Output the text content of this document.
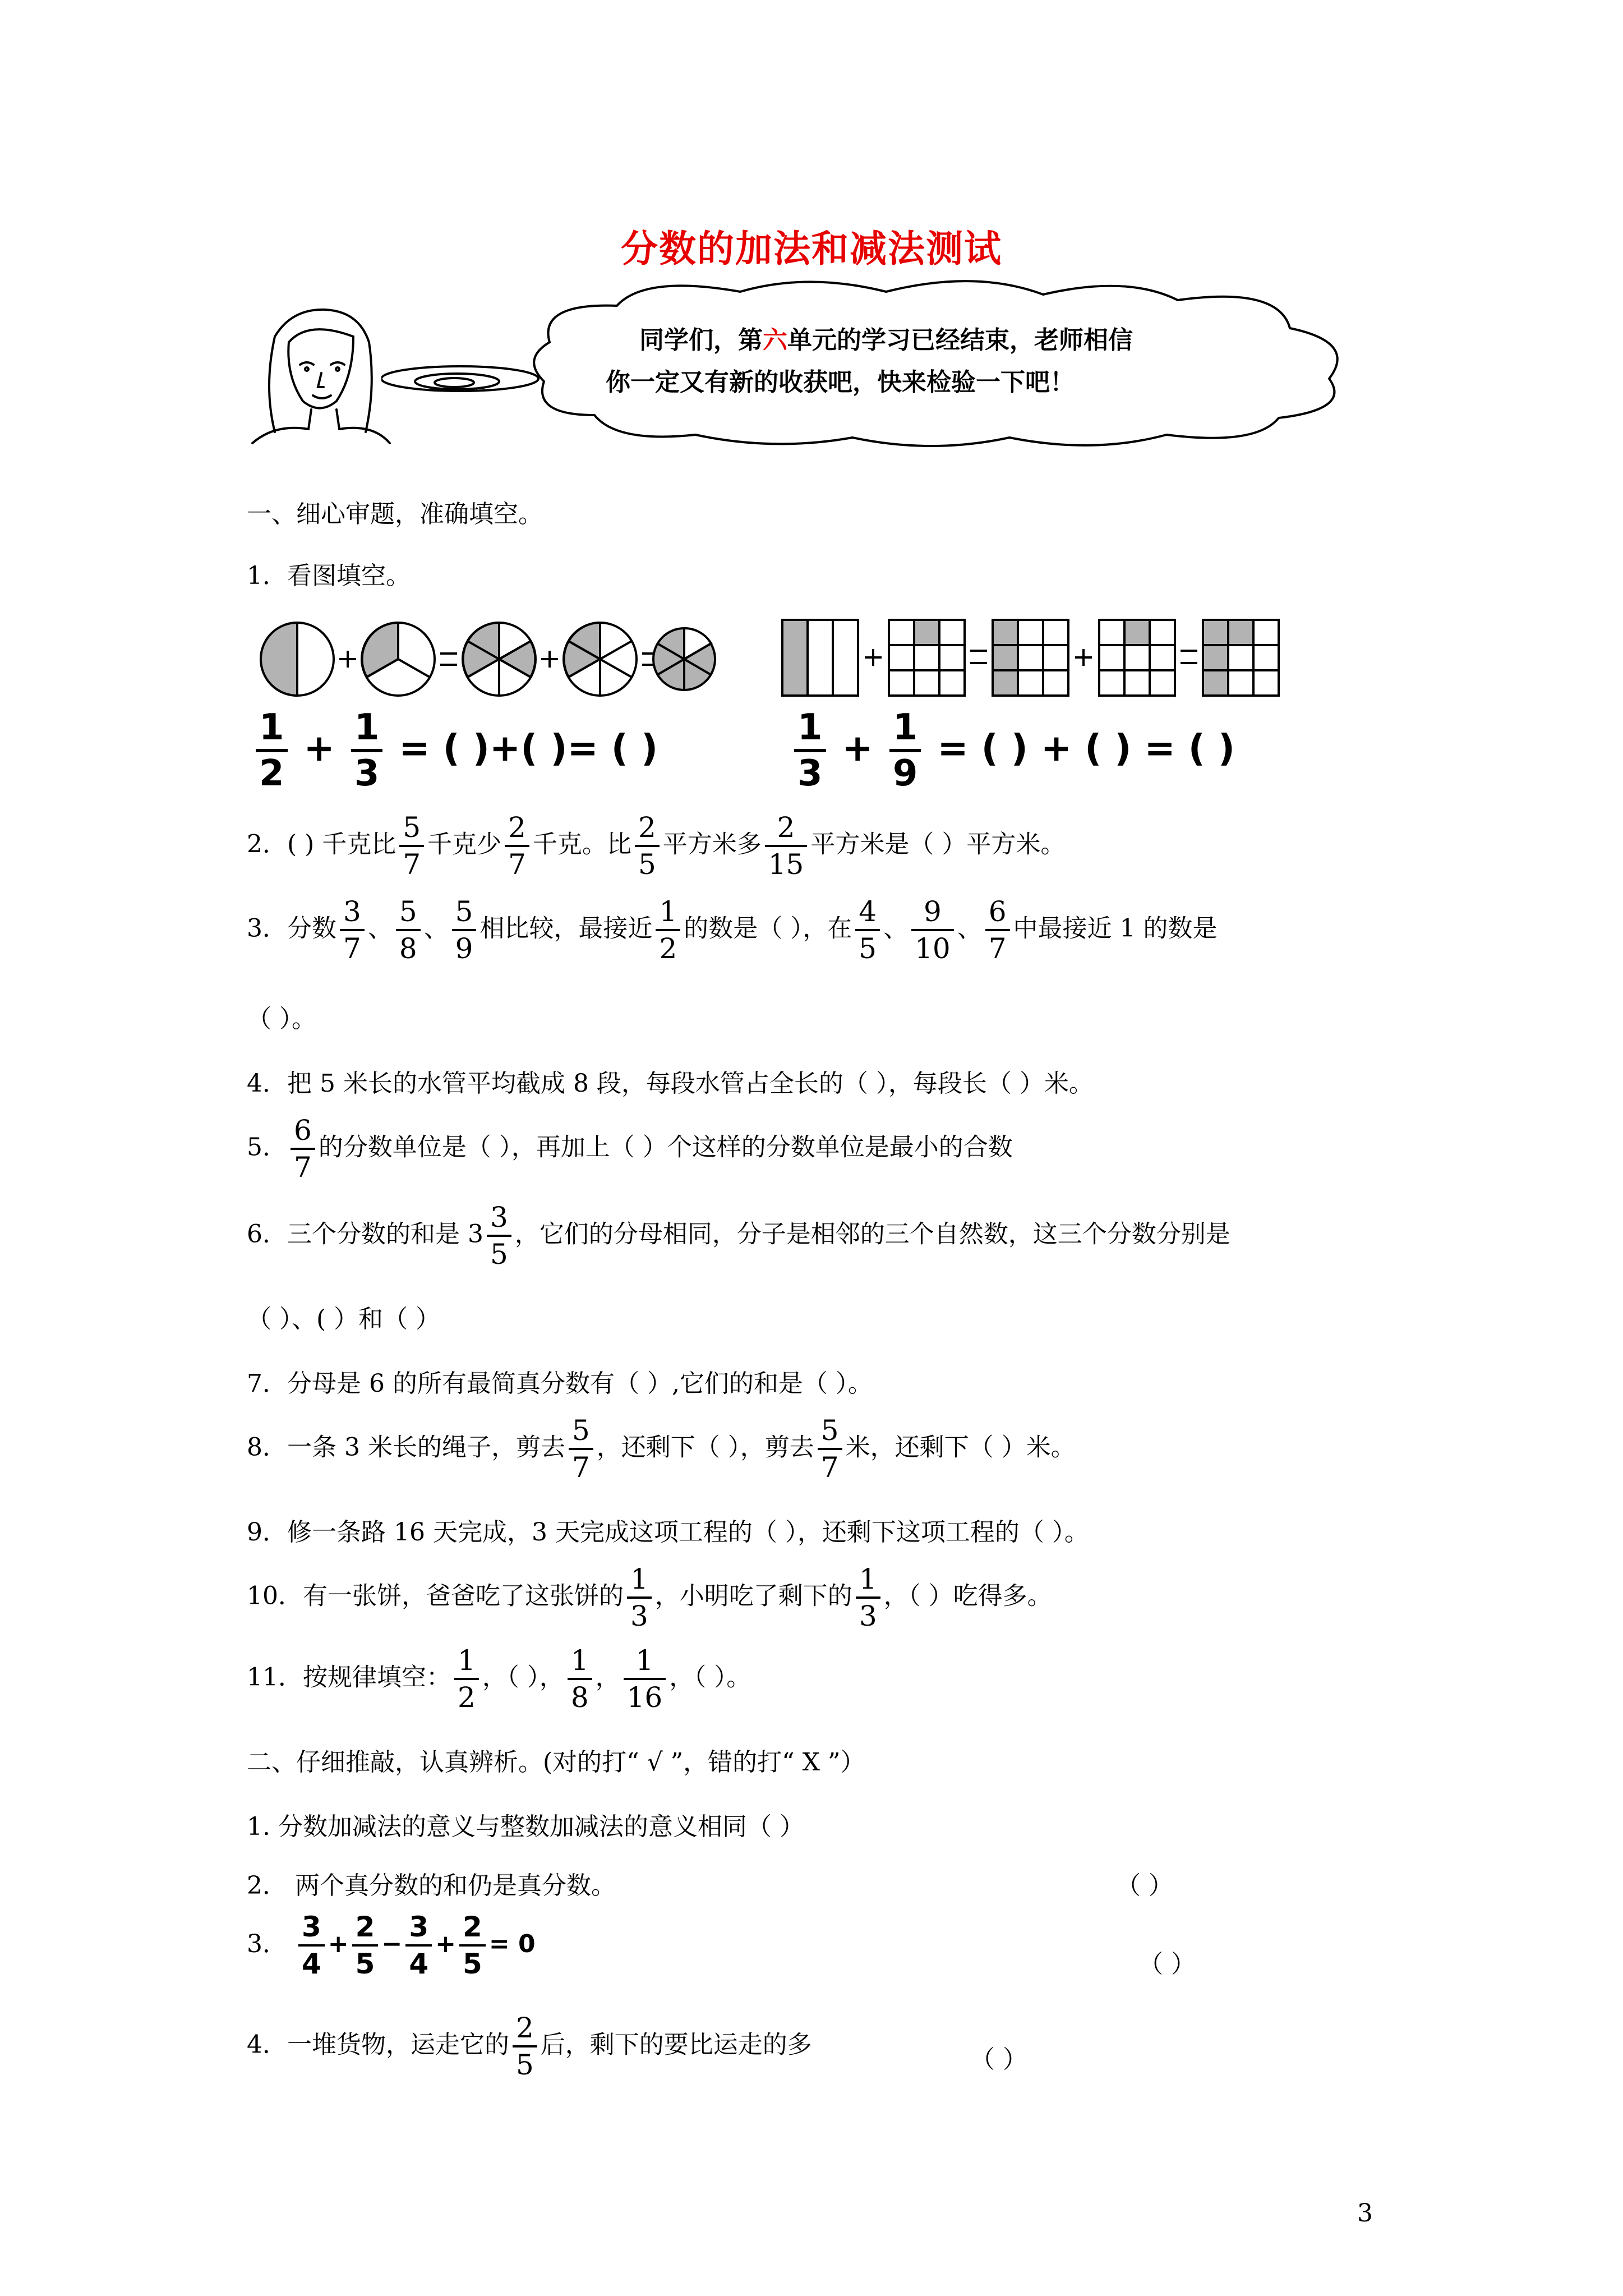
分数的加法和减法测试
同学们，第六单元的学习已经结束，老师相信
你一定又有新的收获吧，快来检验一下吧！
一、细心审题，准确填空。
1．看图填空。
$\frac{1}{2} + \frac{1}{3}$ = ( )+( )= ( )	$\frac{1}{3} + \frac{1}{9}$ = ( ) + ( ) = ( )
2．( ) 千克比 $\frac{5}{7}$ 千克少 $\frac{2}{7}$ 千克。比 $\frac{2}{5}$ 平方米多 $\frac{2}{15}$ 平方米是（ ）平方米。
3．分数 $\frac{3}{7}$ 、 $\frac{5}{8}$ 、 $\frac{5}{9}$ 相比较，最接近 $\frac{1}{2}$ 的数是（ ），在 $\frac{4}{5}$ 、 $\frac{9}{10}$ 、 $\frac{6}{7}$ 中最接近 1 的数是
（ ）。
4．把 5 米长的水管平均截成 8 段，每段水管占全长的（ ），每段长（ ）米。
5． $\frac{6}{7}$ 的分数单位是（ ），再加上（ ）个这样的分数单位是最小的合数
6．三个分数的和是 $3 \frac{3}{5}$ ，它们的分母相同，分子是相邻的三个自然数，这三个分数分别是
（ ）、( ）和（ ）
7．分母是 6 的所有最简真分数有（ ）,它们的和是（ ）。
8．一条 3 米长的绳子，剪去 $\frac{5}{7}$ ，还剩下（ ），剪去 $\frac{5}{7}$ 米，还剩下（ ）米。
9．修一条路 16 天完成，3 天完成这项工程的（ ），还剩下这项工程的（ ）。
10．有一张饼，爸爸吃了这张饼的 $\frac{1}{3}$ ，小明吃了剩下的 $\frac{1}{3}$ ，（ ）吃得多。
11．按规律填空： $\frac{1}{2}$ ，（ ）， $\frac{1}{8}$ ， $\frac{1}{16}$ ，（ ）。
二、仔细推敲，认真辨析。(对的打“ √ ”，错的打“ X ”）
1. 分数加减法的意义与整数加减法的意义相同（ ）
2． 两个真分数的和仍是真分数。	（ ）
3． $\frac{3}{4} + \frac{2}{5} - \frac{3}{4} + \frac{2}{5} = 0$
（ ）
4．一堆货物，运走它的 $\frac{2}{5}$ 后，剩下的要比运走的多
（ ）
3
